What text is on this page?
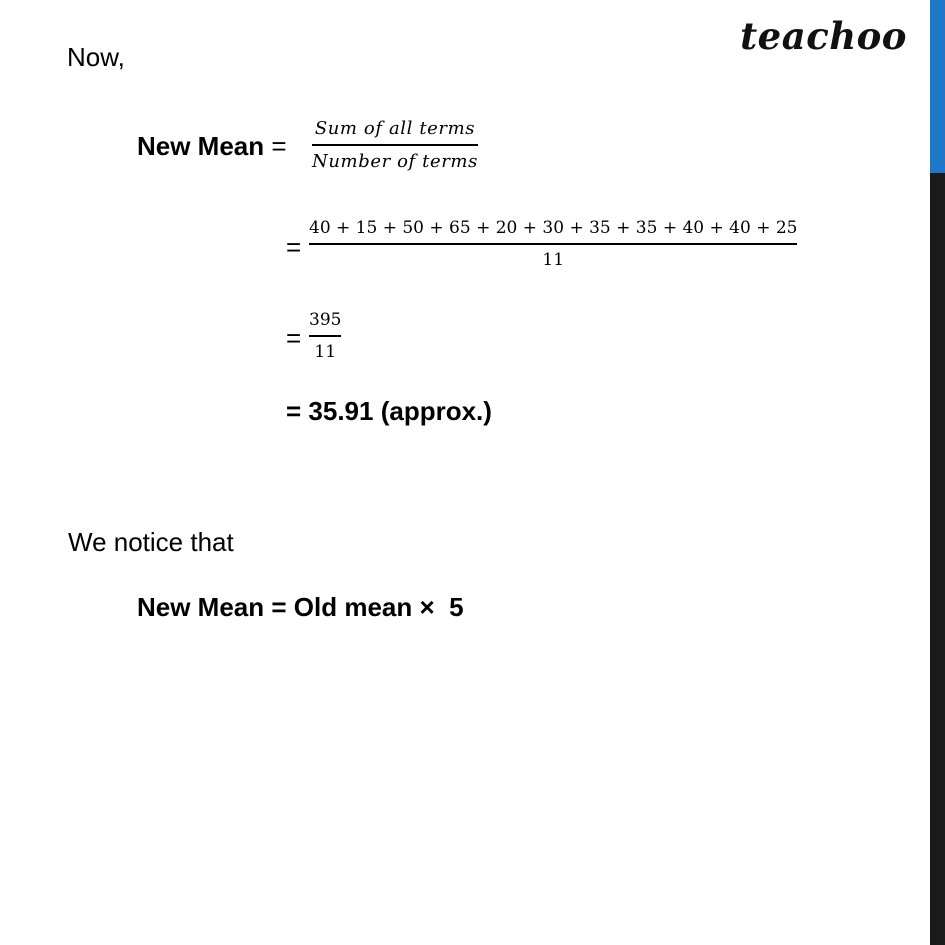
teachoo
Now,
New Mean =
Sum of all terms
Number of terms
=
40 + 15 + 50 + 65 + 20 + 30 + 35 + 35 + 40 + 40 + 25
11
=
395
11
= 35.91 (approx.)
We notice that
New Mean = Old mean ×  5
